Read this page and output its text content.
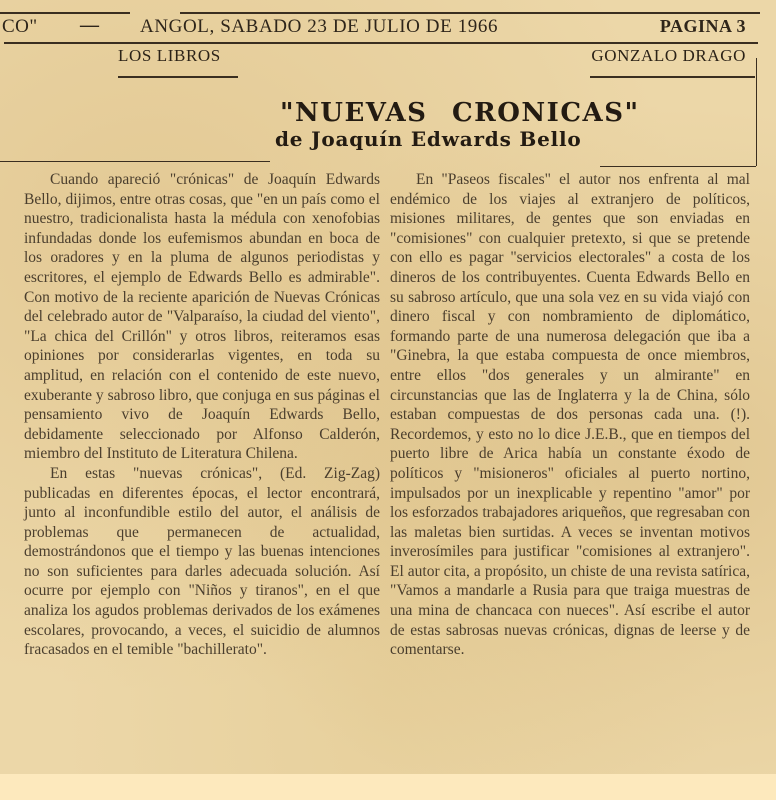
CO" — ANGOL, SABADO 23 DE JULIO DE 1966	PAGINA 3
LOS LIBROS	GONZALO DRAGO
"NUEVAS CRONICAS"
de Joaquín Edwards Bello

Cuando apareció "crónicas" de Joaquín Edwards Bello, dijimos, entre otras cosas, que "en un país como el nuestro, tradicionalista hasta la médula con xenofobias infundadas donde los eufemismos abundan en boca de los oradores y en la pluma de algunos periodistas y escritores, el ejemplo de Edwards Bello es admirable". Con motivo de la reciente aparición de Nuevas Crónicas del celebrado autor de "Valparaíso, la ciudad del viento", "La chica del Crillón" y otros libros, reiteramos esas opiniones por considerarlas vigentes, en toda su amplitud, en relación con el contenido de este nuevo, exuberante y sabroso libro, que conjuga en sus páginas el pensamiento vivo de Joaquín Edwards Bello, debidamente seleccionado por Alfonso Calderón, miembro del Instituto de Literatura Chilena.

En estas "nuevas crónicas", (Ed. Zig-Zag) publicadas en diferentes épocas, el lector encontrará, junto al inconfundible estilo del autor, el análisis de problemas que permanecen de actualidad, demostrándonos que el tiempo y las buenas intenciones no son suficientes para darles adecuada solución. Así ocurre por ejemplo con "Niños y tiranos", en el que analiza los agudos problemas derivados de los exámenes escolares, provocando, a veces, el suicidio de alumnos fracasados en el temible "bachillerato".

En "Paseos fiscales" el autor nos enfrenta al mal endémico de los viajes al extranjero de políticos, misiones militares, de gentes que son enviadas en "comisiones" con cualquier pretexto, si que se pretende con ello es pagar "servicios electorales" a costa de los dineros de los contribuyentes. Cuenta Edwards Bello en su sabroso artículo, que una sola vez en su vida viajó con dinero fiscal y con nombramiento de diplomático, formando parte de una numerosa delegación que iba a "Ginebra, la que estaba compuesta de once miembros, entre ellos "dos generales y un almirante" en circunstancias que las de Inglaterra y la de China, sólo estaban compuestas de dos personas cada una. (!). Recordemos, y esto no lo dice J.E.B., que en tiempos del puerto libre de Arica había un constante éxodo de políticos y "misioneros" oficiales al puerto nortino, impulsados por un inexplicable y repentino "amor" por los esforzados trabajadores ariqueños, que regresaban con las maletas bien surtidas. A veces se inventan motivos inverosímiles para justificar "comisiones al extranjero". El autor cita, a propósito, un chiste de una revista satírica, "Vamos a mandarle a Rusia para que traiga muestras de una mina de chancaca con nueces". Así escribe el autor de estas sabrosas nuevas crónicas, dignas de leerse y de comentarse.
